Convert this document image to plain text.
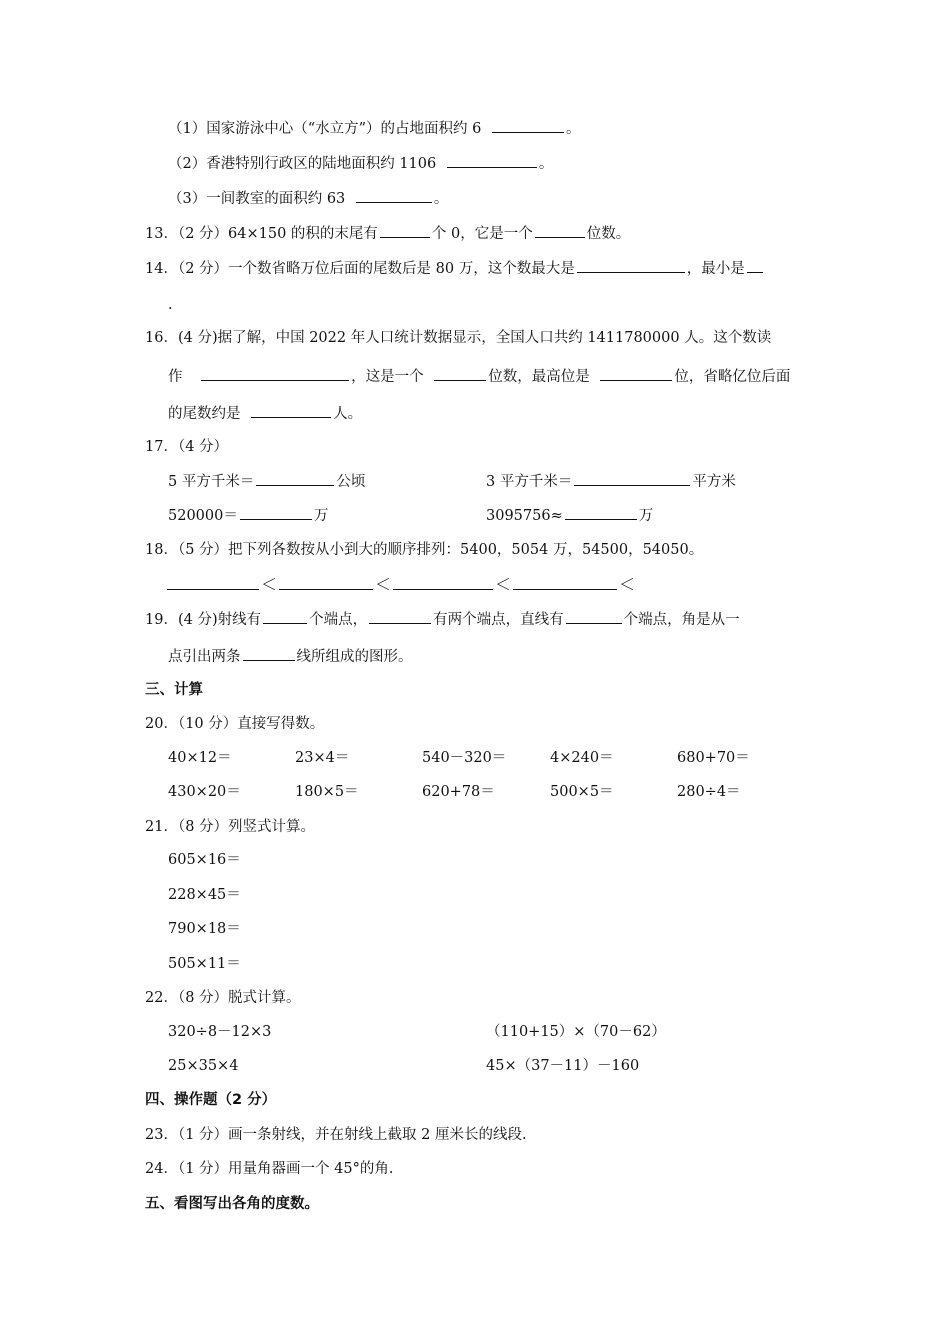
（1）国家游泳中心（“水立方”）的占地面积约 6	。
（2）香港特别行政区的陆地面积约 1106	。
（3）一间教室的面积约 63	。
13．（2 分）64×150 的积的末尾有	个 0，它是一个	位数。
14．（2 分）一个数省略万位后面的尾数后是 80 万，这个数最大是	，最小是
.
16．(4 分)据了解，中国 2022 年人口统计数据显示，全国人口共约 1411780000 人。这个数读
作	，这是一个	位数，最高位是	位，省略亿位后面
的尾数约是	人。
17．（4 分）
5 平方千米＝	公顷	3 平方千米＝	平方米
520000＝	万	3095756≈	万
18．（5 分）把下列各数按从小到大的顺序排列：5400，5054 万，54500，54050。
＜	＜	＜	＜
19．(4 分)射线有	个端点，	有两个端点，直线有	个端点，角是从一
点引出两条	线所组成的图形。
三、计算
20．（10 分）直接写得数。
40×12＝	23×4＝	540－320＝	4×240＝	680+70＝
430×20＝	180×5＝	620+78＝	500×5＝	280÷4＝
21．（8 分）列竖式计算。
605×16＝
228×45＝
790×18＝
505×11＝
22．（8 分）脱式计算。
320÷8－12×3	（110+15）×（70－62）
25×35×4	45×（37－11）－160
四、操作题（2 分）
23．（1 分）画一条射线，并在射线上截取 2 厘米长的线段.
24．（1 分）用量角器画一个 45°的角.
五、看图写出各角的度数。
